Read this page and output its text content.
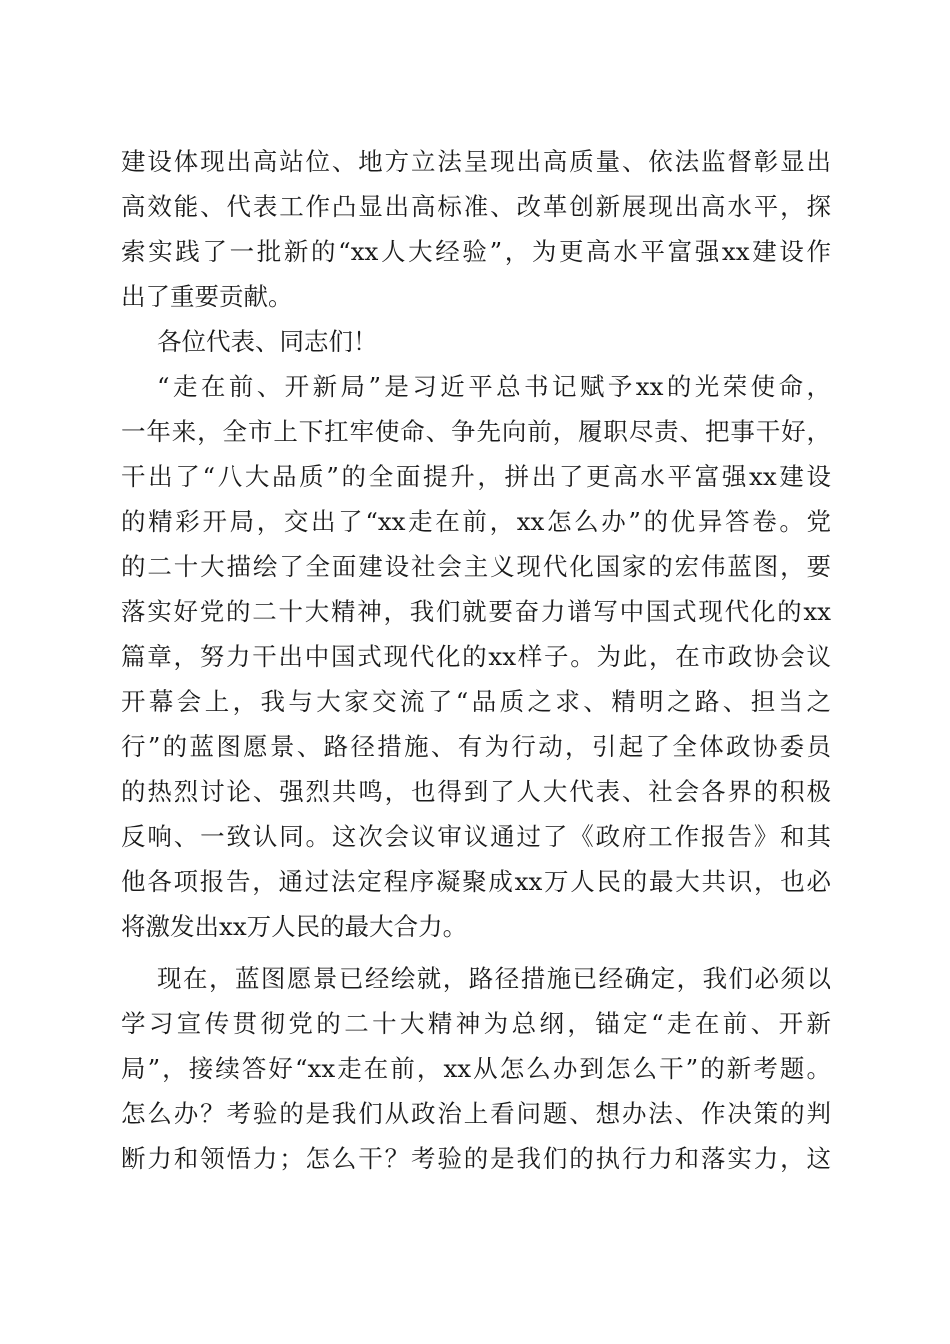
建设体现出高站位、地方立法呈现出高质量、依法监督彰显出
高效能、代表工作凸显出高标准、改革创新展现出高水平，探
索实践了一批新的“xx人大经验”，为更高水平富强xx建设作
出了重要贡献。
各位代表、同志们！
“走在前、开新局”是习近平总书记赋予xx的光荣使命，
一年来，全市上下扛牢使命、争先向前，履职尽责、把事干好，
干出了“八大品质”的全面提升，拼出了更高水平富强xx建设
的精彩开局，交出了“xx走在前，xx怎么办”的优异答卷。党
的二十大描绘了全面建设社会主义现代化国家的宏伟蓝图，要
落实好党的二十大精神，我们就要奋力谱写中国式现代化的xx
篇章，努力干出中国式现代化的xx样子。为此，在市政协会议
开幕会上，我与大家交流了“品质之求、精明之路、担当之
行”的蓝图愿景、路径措施、有为行动，引起了全体政协委员
的热烈讨论、强烈共鸣，也得到了人大代表、社会各界的积极
反响、一致认同。这次会议审议通过了《政府工作报告》和其
他各项报告，通过法定程序凝聚成xx万人民的最大共识，也必
将激发出xx万人民的最大合力。
现在，蓝图愿景已经绘就，路径措施已经确定，我们必须以
学习宣传贯彻党的二十大精神为总纲，锚定“走在前、开新
局”，接续答好“xx走在前，xx从怎么办到怎么干”的新考题。
怎么办？考验的是我们从政治上看问题、想办法、作决策的判
断力和领悟力；怎么干？考验的是我们的执行力和落实力，这
